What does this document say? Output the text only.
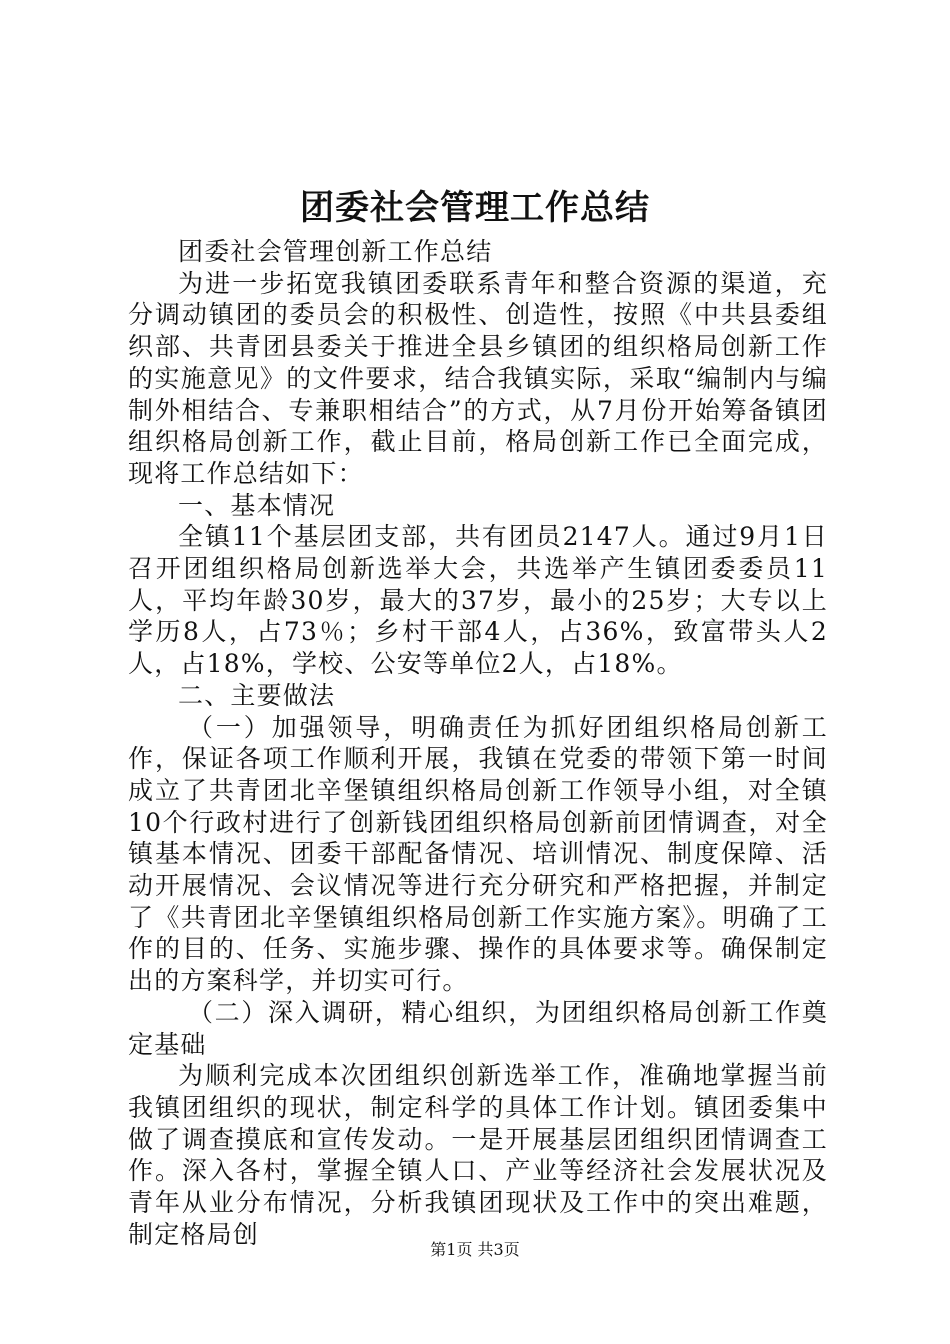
团委社会管理工作总结

团委社会管理创新工作总结

为进一步拓宽我镇团委联系青年和整合资源的渠道，充分调动镇团的委员会的积极性、创造性，按照《中共县委组织部、共青团县委关于推进全县乡镇团的组织格局创新工作的实施意见》的文件要求，结合我镇实际，采取“编制内与编制外相结合、专兼职相结合”的方式，从7月份开始筹备镇团组织格局创新工作，截止目前，格局创新工作已全面完成，现将工作总结如下：

一、基本情况

全镇11个基层团支部，共有团员2147人。通过9月1日召开团组织格局创新选举大会，共选举产生镇团委委员11人，平均年龄30岁，最大的37岁，最小的25岁；大专以上学历8人，占73％；乡村干部4人，占36%，致富带头人2人，占18%，学校、公安等单位2人，占18%。

二、主要做法

（一）加强领导，明确责任为抓好团组织格局创新工作，保证各项工作顺利开展，我镇在党委的带领下第一时间成立了共青团北辛堡镇组织格局创新工作领导小组，对全镇10个行政村进行了创新钱团组织格局创新前团情调查，对全镇基本情况、团委干部配备情况、培训情况、制度保障、活动开展情况、会议情况等进行充分研究和严格把握，并制定了《共青团北辛堡镇组织格局创新工作实施方案》。明确了工作的目的、任务、实施步骤、操作的具体要求等。确保制定出的方案科学，并切实可行。

（二）深入调研，精心组织，为团组织格局创新工作奠定基础

为顺利完成本次团组织创新选举工作，准确地掌握当前我镇团组织的现状，制定科学的具体工作计划。镇团委集中做了调查摸底和宣传发动。一是开展基层团组织团情调查工作。深入各村，掌握全镇人口、产业等经济社会发展状况及青年从业分布情况，分析我镇团现状及工作中的突出难题，制定格局创

第1页 共3页
